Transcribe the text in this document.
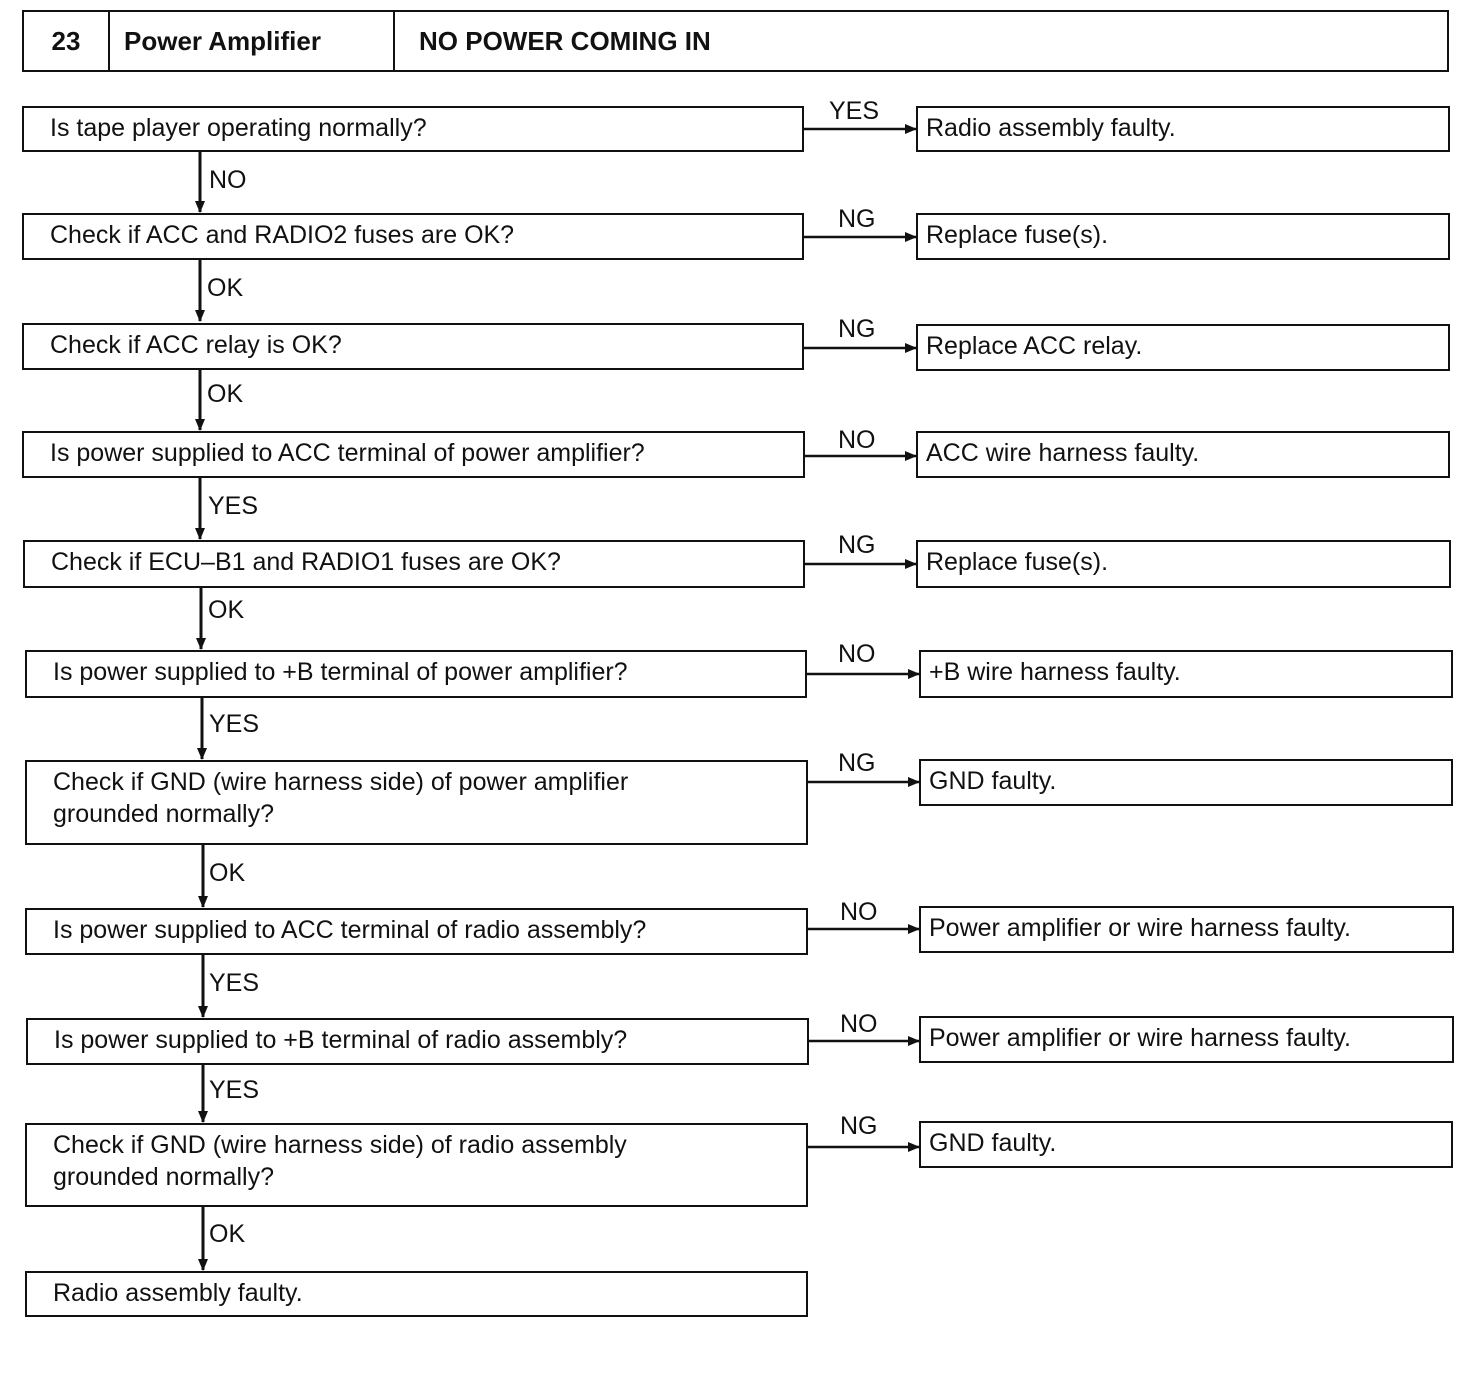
23	Power Amplifier	NO POWER COMING IN
Is tape player operating normally?
YES
Radio assembly faulty.
NO
Check if ACC and RADIO2 fuses are OK?
NG
Replace fuse(s).
OK
Check if ACC relay is OK?
NG
Replace ACC relay.
OK
Is power supplied to ACC terminal of power amplifier?	NO	ACC wire harness faulty.
YES
Check if ECU–B1 and RADIO1 fuses are OK?
NG
Replace fuse(s).
OK
Is power supplied to +B terminal of power amplifier?
NO
+B wire harness faulty.
YES
Check if GND (wire harness side) of power amplifier
grounded normally?
NG
GND faulty.
OK
Is power supplied to ACC terminal of radio assembly?
NO
Power amplifier or wire harness faulty.
YES
Is power supplied to +B terminal of radio assembly?
NO	Power amplifier or wire harness faulty.
YES
Check if GND (wire harness side) of radio assembly
grounded normally?
NG
GND faulty.
OK
Radio assembly faulty.
